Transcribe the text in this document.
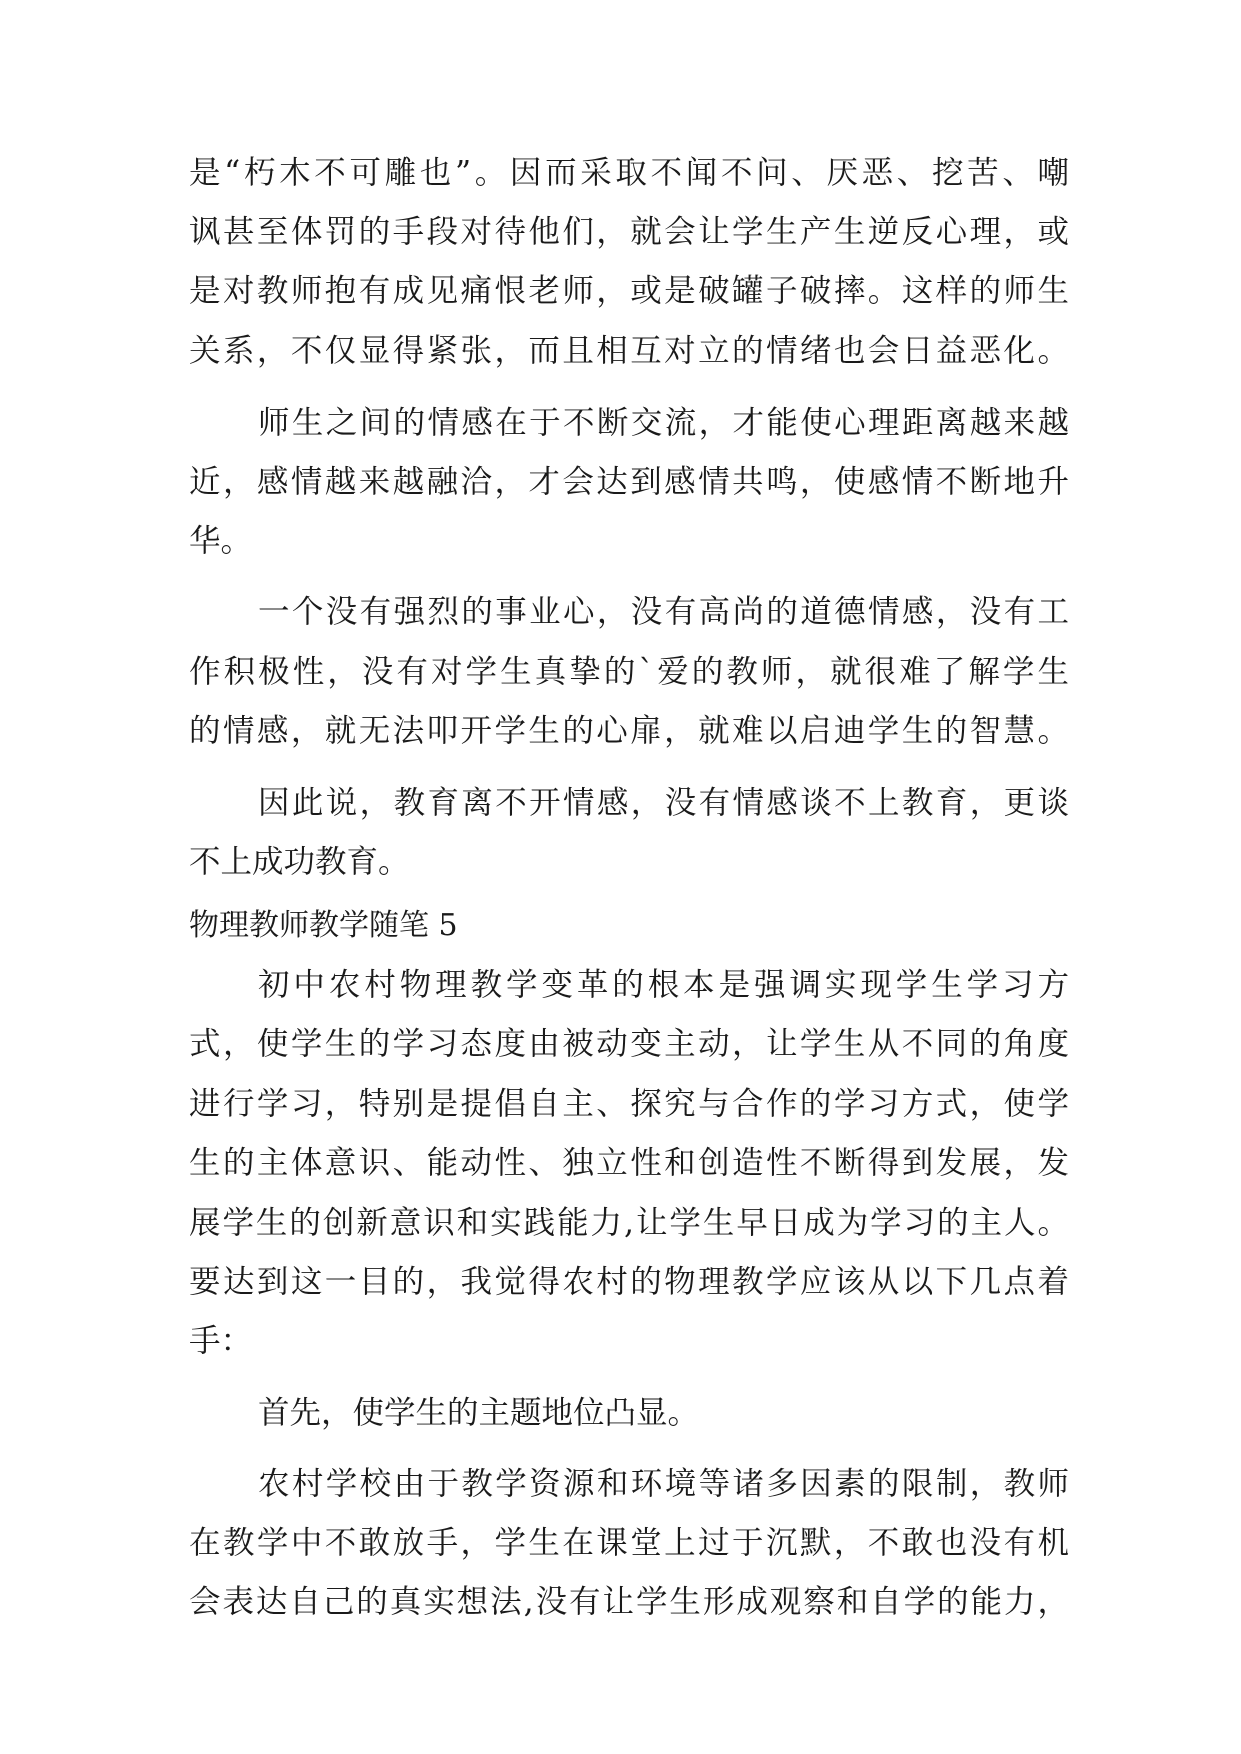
是“朽木不可雕也”。因而采取不闻不问、厌恶、挖苦、嘲
讽甚至体罚的手段对待他们，就会让学生产生逆反心理，或
是对教师抱有成见痛恨老师，或是破罐子破摔。这样的师生
关系，不仅显得紧张，而且相互对立的情绪也会日益恶化。
师生之间的情感在于不断交流，才能使心理距离越来越
近，感情越来越融洽，才会达到感情共鸣，使感情不断地升
华。
一个没有强烈的事业心，没有高尚的道德情感，没有工
作积极性，没有对学生真挚的`爱的教师，就很难了解学生
的情感，就无法叩开学生的心扉，就难以启迪学生的智慧。
因此说，教育离不开情感，没有情感谈不上教育，更谈
不上成功教育。
物理教师教学随笔 5
初中农村物理教学变革的根本是强调实现学生学习方
式，使学生的学习态度由被动变主动，让学生从不同的角度
进行学习，特别是提倡自主、探究与合作的学习方式，使学
生的主体意识、能动性、独立性和创造性不断得到发展，发
展学生的创新意识和实践能力,让学生早日成为学习的主人。
要达到这一目的，我觉得农村的物理教学应该从以下几点着
手：
首先，使学生的主题地位凸显。
农村学校由于教学资源和环境等诸多因素的限制，教师
在教学中不敢放手，学生在课堂上过于沉默，不敢也没有机
会表达自己的真实想法,没有让学生形成观察和自学的能力，
